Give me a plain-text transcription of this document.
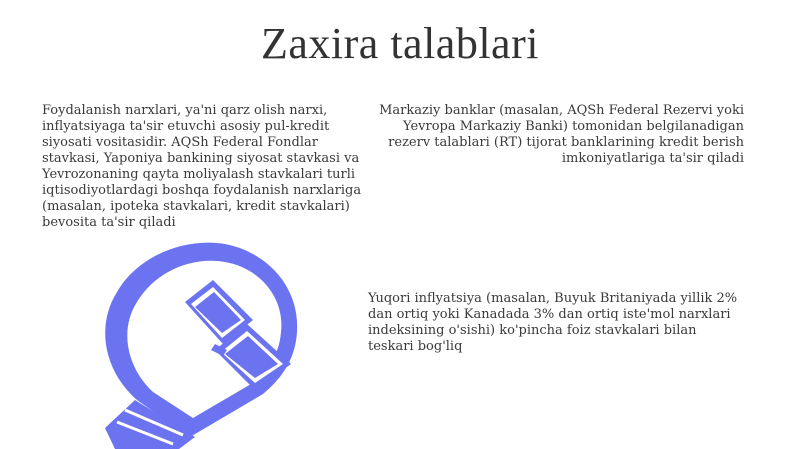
Zaxira talablari

Foydalanish narxlari, ya'ni qarz olish narxi, inflyatsiyaga ta'sir etuvchi asosiy pul-kredit siyosati vositasidir. AQSh Federal Fondlar stavkasi, Yaponiya bankining siyosat stavkasi va Yevrozonaning qayta moliyalash stavkalari turli iqtisodiyotlardagi boshqa foydalanish narxlariga (masalan, ipoteka stavkalari, kredit stavkalari) bevosita ta'sir qiladi

Markaziy banklar (masalan, AQSh Federal Rezervi yoki Yevropa Markaziy Banki) tomonidan belgilanadigan rezerv talablari (RT) tijorat banklarining kredit berish imkoniyatlariga ta'sir qiladi

Yuqori inflyatsiya (masalan, Buyuk Britaniyada yillik 2% dan ortiq yoki Kanadada 3% dan ortiq iste'mol narxlari indeksining o'sishi) ko'pincha foiz stavkalari bilan teskari bog'liq
